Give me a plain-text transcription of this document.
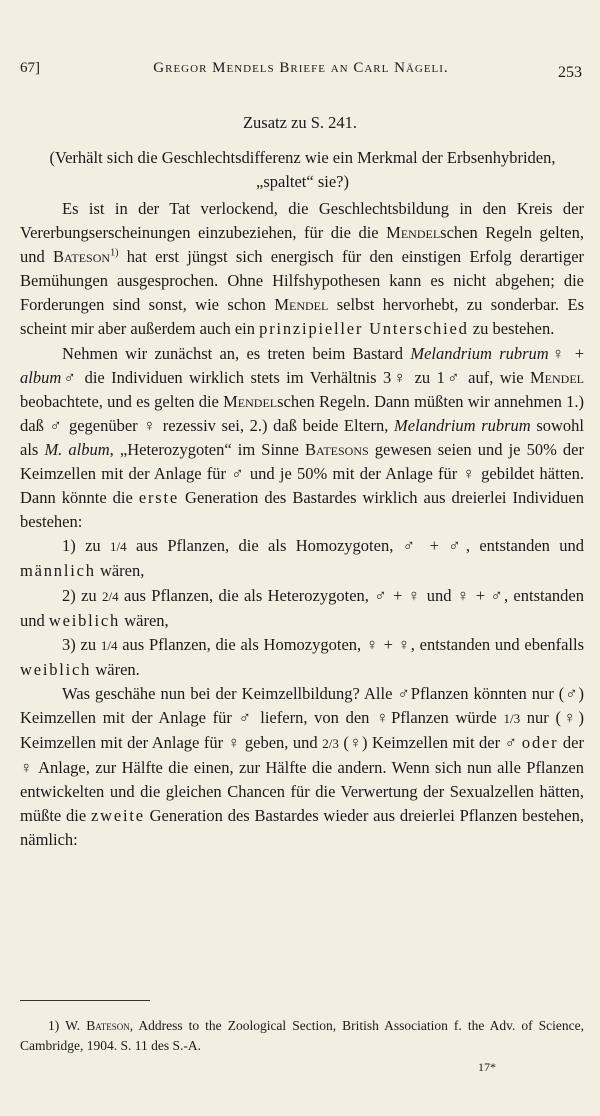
67]	Gregor Mendels Briefe an Carl Nägeli.	253
Zusatz zu S. 241.
(Verhält sich die Geschlechtsdifferenz wie ein Merkmal der Erbsenhybriden, „spaltet“ sie?)

Es ist in der Tat verlockend, die Geschlechtsbildung in den Kreis der Vererbungserscheinungen einzubeziehen, für die die Mendelschen Regeln gelten, und Bateson$^{1)}$ hat erst jüngst sich energisch für den einstigen Erfolg derartiger Bemühungen ausgesprochen. Ohne Hilfshypothesen kann es nicht abgehen; die Forderungen sind sonst, wie schon Mendel selbst hervorhebt, zu sonderbar. Es scheint mir aber außerdem auch ein prinzipieller Unterschied zu bestehen.

Nehmen wir zunächst an, es treten beim Bastard Melandrium rubrum♀ + album♂ die Individuen wirklich stets im Verhältnis 3♀ zu 1♂ auf, wie Mendel beobachtete, und es gelten die Mendelschen Regeln. Dann müßten wir annehmen 1.) daß ♂ gegenüber ♀ rezessiv sei, 2.) daß beide Eltern, Melandrium rubrum sowohl als M. album, „Heterozygoten“ im Sinne Batesons gewesen seien und je 50% der Keimzellen mit der Anlage für ♂ und je 50% mit der Anlage für ♀ gebildet hätten. Dann könnte die erste Generation des Bastardes wirklich aus dreierlei Individuen bestehen:

1) zu 1/4 aus Pflanzen, die als Homozygoten, ♂ + ♂, entstanden und männlich wären,

2) zu 2/4 aus Pflanzen, die als Heterozygoten, ♂ + ♀ und ♀ + ♂, entstanden und weiblich wären,

3) zu 1/4 aus Pflanzen, die als Homozygoten, ♀ + ♀, entstanden und ebenfalls weiblich wären.

Was geschähe nun bei der Keimzellbildung? Alle ♂Pflanzen könnten nur (♂) Keimzellen mit der Anlage für ♂ liefern, von den ♀Pflanzen würde 1/3 nur (♀) Keimzellen mit der Anlage für ♀ geben, und 2/3 (♀) Keimzellen mit der ♂ oder der ♀ Anlage, zur Hälfte die einen, zur Hälfte die andern. Wenn sich nun alle Pflanzen entwickelten und die gleichen Chancen für die Verwertung der Sexualzellen hätten, müßte die zweite Generation des Bastardes wieder aus dreierlei Pflanzen bestehen, nämlich:

1) W. Bateson, Address to the Zoological Section, British Association f. the Adv. of Science, Cambridge, 1904. S. 11 des S.-A.
17*
